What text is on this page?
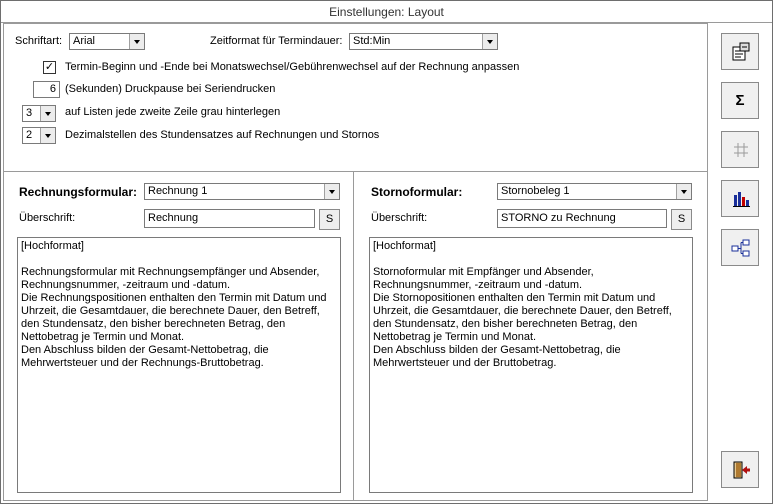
Einstellungen: Layout
Schriftart: Arial	Zeitformat für Termindauer: Std:Min
✓ Termin-Beginn und -Ende bei Monatswechsel/Gebührenwechsel auf der Rechnung anpassen
6 (Sekunden) Druckpause bei Seriendrucken
3	auf Listen jede zweite Zeile grau hinterlegen
2	Dezimalstellen des Stundensatzes auf Rechnungen und Stornos
Rechnungsformular: Rechnung 1
Überschrift:	Rechnung	S
[Hochformat]

Rechnungsformular mit Rechnungsempfänger und Absender,
Rechnungsnummer, -zeitraum und -datum.
Die Rechnungspositionen enthalten den Termin mit Datum und
Uhrzeit, die Gesamtdauer, die berechnete Dauer, den Betreff,
den Stundensatz, den bisher berechneten Betrag, den
Nettobetrag je Termin und Monat.
Den Abschluss bilden der Gesamt-Nettobetrag, die
Mehrwertsteuer und der Rechnungs-Bruttobetrag.
Stornoformular:	Stornobeleg 1
Überschrift:	STORNO zu Rechnung	S
[Hochformat]

Stornoformular mit Empfänger und Absender,
Rechnungsnummer, -zeitraum und -datum.
Die Stornopositionen enthalten den Termin mit Datum und
Uhrzeit, die Gesamtdauer, die berechnete Dauer, den Betreff,
den Stundensatz, den bisher berechneten Betrag, den
Nettobetrag je Termin und Monat.
Den Abschluss bilden der Gesamt-Nettobetrag, die
Mehrwertsteuer und der Bruttobetrag.
Σ
